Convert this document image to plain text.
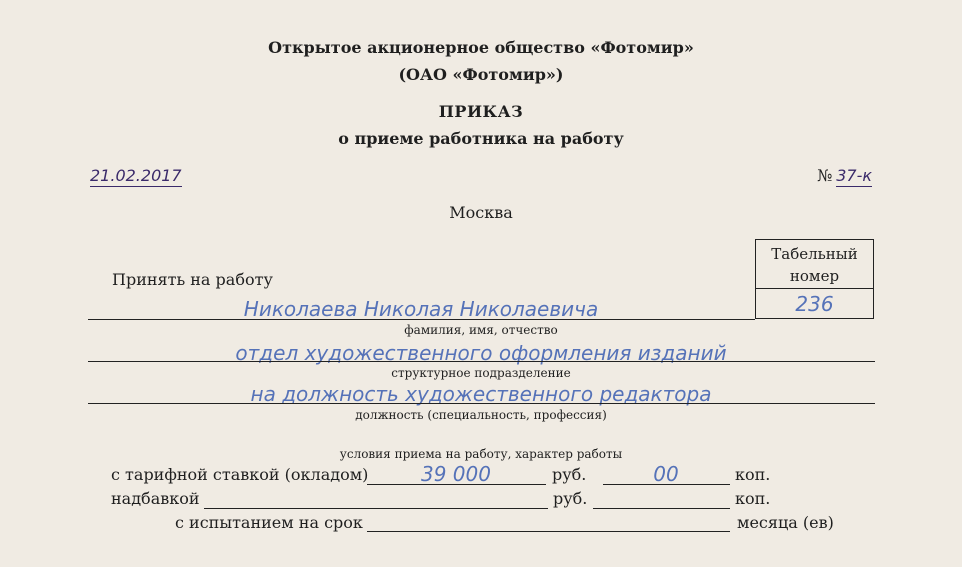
Открытое акционерное общество «Фотомир»
(ОАО «Фотомир»)
ПРИКАЗ
о приеме работника на работу
21.02.2017	№ 37-к
Москва
Табельный
номер
236
Принять на работу
Николаева Николая Николаевича
фамилия, имя, отчество
отдел художественного оформления изданий
структурное подразделение
на должность художественного редактора
должность (специальность, профессия)
условия приема на работу, характер работы
с тарифной ставкой (окладом)	39 000	руб.	00	коп.
надбавкой	руб.	коп.
с испытанием на срок	месяца (ев)
